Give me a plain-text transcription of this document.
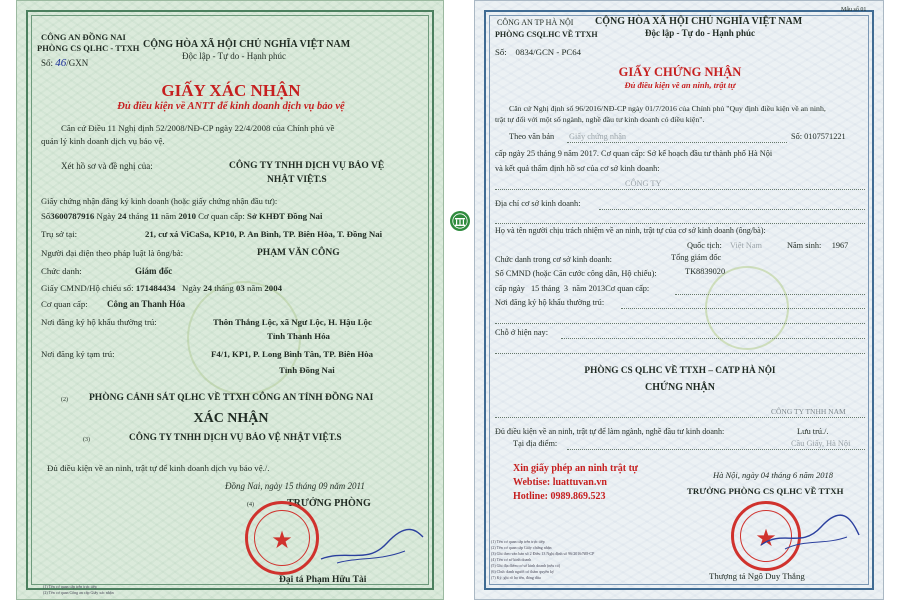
CÔNG AN ĐỒNG NAI
PHÒNG CS QLHC - TTXH CỘNG HÒA XÃ HỘI CHỦ NGHĨA VIỆT NAM
Độc lập - Tự do - Hạnh phúc
Số: 46/GXN
GIẤY XÁC NHẬN
Đủ điều kiện về ANTT để kinh doanh dịch vụ bảo vệ
Căn cứ Điều 11 Nghị định 52/2008/NĐ-CP ngày 22/4/2008 của Chính phủ về
quản lý kinh doanh dịch vụ bảo vệ.
Xét hồ sơ và đề nghị của:	CÔNG TY TNHH DỊCH VỤ BẢO VỆ
NHẬT VIỆT.S
Giấy chứng nhận đăng ký kinh doanh (hoặc giấy chứng nhận đầu tư):
Số3600787916 Ngày 24 tháng 11 năm 2010 Cơ quan cấp: Sở KHĐT Đồng Nai
Trụ sở tại:	21, cư xá ViCaSa, KP10, P. An Bình, TP. Biên Hòa, T. Đồng Nai
Người đại diện theo pháp luật là ông/bà:	PHẠM VĂN CÔNG
Chức danh:	Giám đốc
Giấy CMND/Hộ chiếu số: 171484434 Ngày 24 tháng 03 năm 2004
Cơ quan cấp: Công an Thanh Hóa
Nơi đăng ký hộ khẩu thường trú:	Thôn Thắng Lộc, xã Ngư Lộc, H. Hậu Lộc
Tỉnh Thanh Hóa
Nơi đăng ký tạm trú:	F4/1, KP1, P. Long Bình Tân, TP. Biên Hòa
Tỉnh Đồng Nai
(2) PHÒNG CẢNH SÁT QLHC VỀ TTXH CÔNG AN TỈNH ĐỒNG NAI
XÁC NHẬN
(3)	CÔNG TY TNHH DỊCH VỤ BẢO VỆ NHẬT VIỆT.S
Đủ điều kiện về an ninh, trật tự để kinh doanh dịch vụ bảo vệ./.
Đồng Nai, ngày 15 tháng 09 năm 2011
(4)	TRƯỞNG PHÒNG
★
Đại tá Phạm Hữu Tài
(1) Tên cơ quan cấp trên trực tiếp
(2) Tên cơ quan Công an cấp Giấy xác nhận
Mẫu số 01
CÔNG AN TP HÀ NỘI
PHÒNG CSQLHC VỀ TTXH
CỘNG HÒA XÃ HỘI CHỦ NGHĨA VIỆT NAM
Độc lập - Tự do - Hạnh phúc
Số: 0834/GCN - PC64
GIẤY CHỨNG NHẬN
Đủ điều kiện về an ninh, trật tự
Căn cứ Nghị định số 96/2016/NĐ-CP ngày 01/7/2016 của Chính phủ "Quy định điều kiện về an ninh,
trật tự đối với một số ngành, nghề đầu tư kinh doanh có điều kiện".
Theo văn bản Giấy chứng nhận	Số: 0107571221
cấp ngày 25 tháng 9 năm 2017. Cơ quan cấp: Sở kế hoạch đầu tư thành phố Hà Nội
và kết quả thẩm định hồ sơ của cơ sở kinh doanh:
CÔNG TY
Địa chỉ cơ sở kinh doanh:
Họ và tên người chịu trách nhiệm về an ninh, trật tự của cơ sở kinh doanh (ông/bà):
Quốc tịch: Việt Nam	Năm sinh: 1967
Chức danh trong cơ sở kinh doanh:	Tổng giám đốc
Số CMND (hoặc Căn cước công dân, Hộ chiếu):	TK8839020
cấp ngày 15 tháng 3 năm 2013Cơ quan cấp:
Nơi đăng ký hộ khẩu thường trú:
Chỗ ở hiện nay:
PHÒNG CS QLHC VỀ TTXH – CATP HÀ NỘI
CHỨNG NHẬN
CÔNG TY TNHH NAM
Đủ điều kiện về an ninh, trật tự để làm ngành, nghề đầu tư kinh doanh:	Lưu trú./.
Tại địa điểm:	Cầu Giấy, Hà Nội
Xin giấy phép an ninh trật tự
Webtise: luattuvan.vn
Hotline: 0989.869.523
Hà Nội, ngày 04 tháng 6 năm 2018
TRƯỞNG PHÒNG CS QLHC VỀ TTXH
★
Thượng tá Ngô Duy Thắng
(1) Tên cơ quan cấp trên trực tiếp
(2) Tên cơ quan cấp Giấy chứng nhận
(3) Ghi theo văn bản số 2 Điều 13 Nghị định số 96/2016/NĐ-CP
(4) Tên cơ sở kinh doanh
(5) Ghi địa điểm cơ sở kinh doanh (nếu có)
(6) Chức danh người có thẩm quyền ký
(7) Ký, ghi rõ họ tên, đóng dấu
